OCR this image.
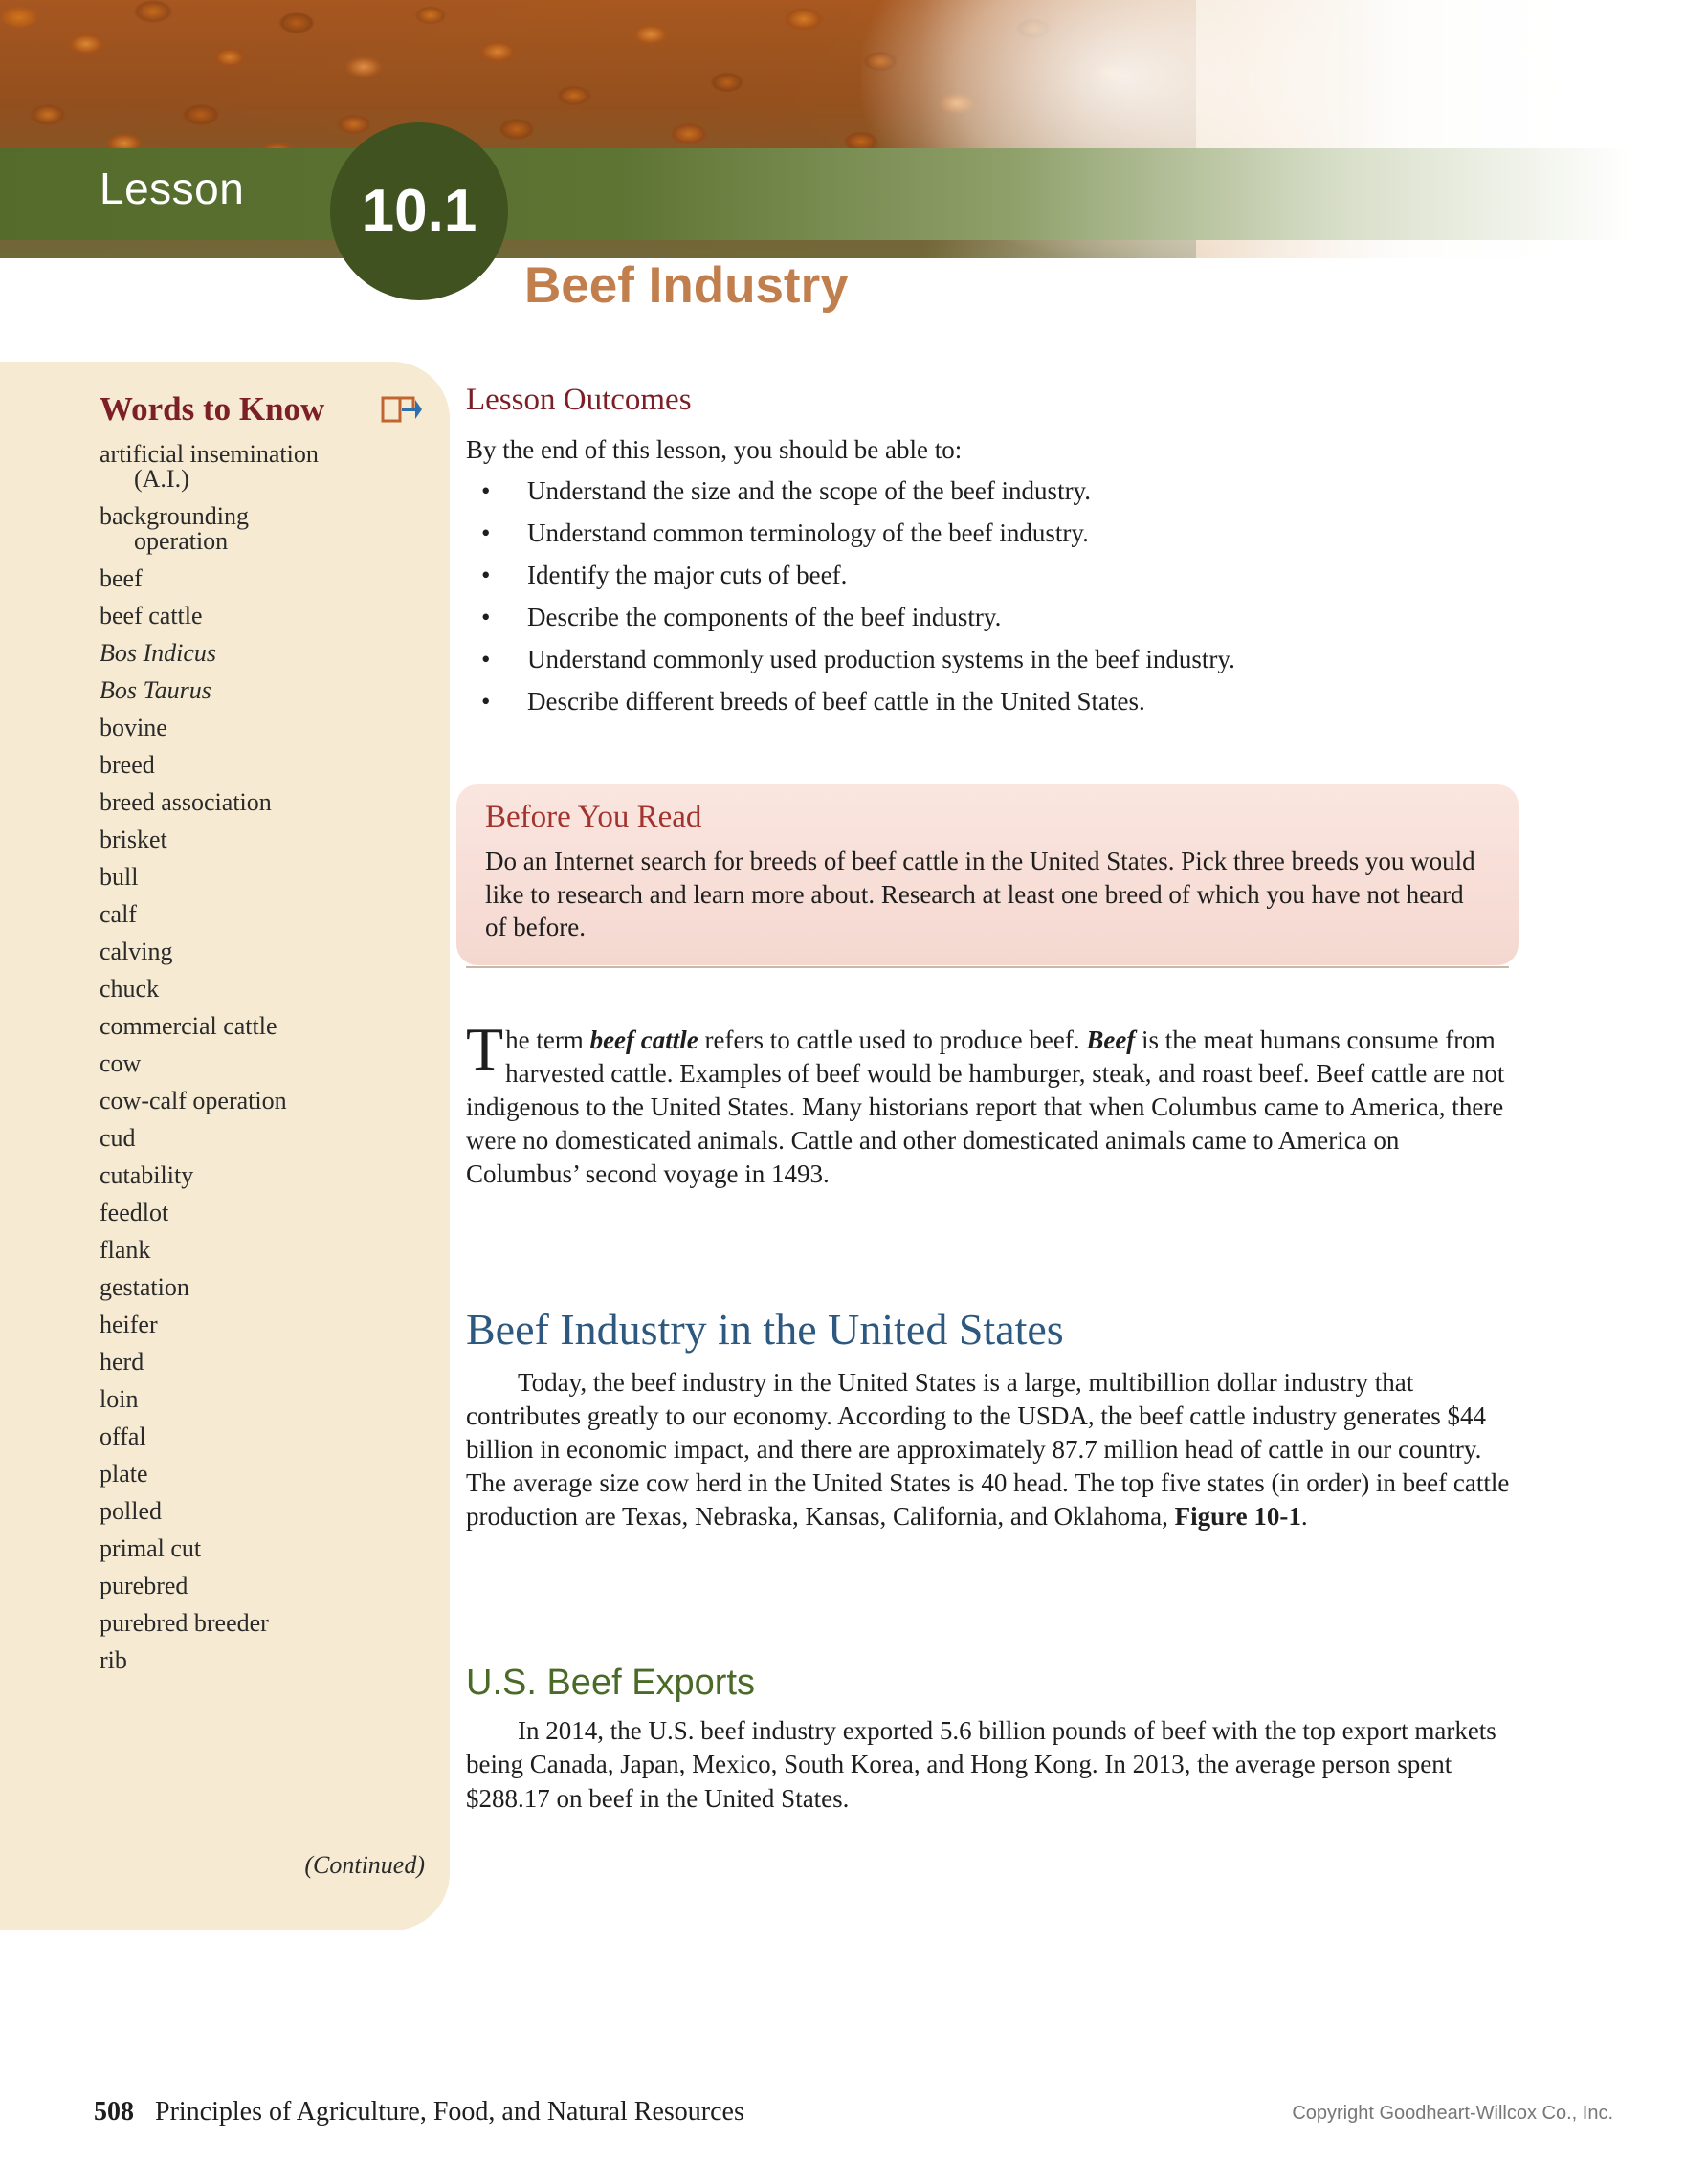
Lesson 10.1
Beef Industry
Words to Know
artificial insemination
(A.I.)
backgrounding
operation
beef
beef cattle
Bos Indicus
Bos Taurus
bovine
breed
breed association
brisket
bull
calf
calving
chuck
commercial cattle
cow
cow-calf operation
cud
cutability
feedlot
flank
gestation
heifer
herd
loin
offal
plate
polled
primal cut
purebred
purebred breeder
rib
(Continued)
Lesson Outcomes
By the end of this lesson, you should be able to:
•	Understand the size and the scope of the beef industry.
•	Understand common terminology of the beef industry.
•	Identify the major cuts of beef.
•	Describe the components of the beef industry.
•	Understand commonly used production systems in the beef industry.
•	Describe different breeds of beef cattle in the United States.
Before You Read
Do an Internet search for breeds of beef cattle in the United States. Pick three breeds you would like to research and learn more about. Research at least one breed of which you have not heard of before.
The term beef cattle refers to cattle used to produce beef. Beef is the meat humans consume from harvested cattle. Examples of beef would be hamburger, steak, and roast beef. Beef cattle are not indigenous to the United States. Many historians report that when Columbus came to America, there were no domesticated animals. Cattle and other domesticated animals came to America on Columbus’ second voyage in 1493.
Beef Industry in the United States

Today, the beef industry in the United States is a large, multibillion dollar industry that contributes greatly to our economy. According to the USDA, the beef cattle industry generates $44 billion in economic impact, and there are approximately 87.7 million head of cattle in our country. The average size cow herd in the United States is 40 head. The top five states (in order) in beef cattle production are Texas, Nebraska, Kansas, California, and Oklahoma, Figure 10-1.

U.S. Beef Exports

In 2014, the U.S. beef industry exported 5.6 billion pounds of beef with the top export markets being Canada, Japan, Mexico, South Korea, and Hong Kong. In 2013, the average person spent $288.17 on beef in the United States.

508 Principles of Agriculture, Food, and Natural Resources	Copyright Goodheart-Willcox Co., Inc.
